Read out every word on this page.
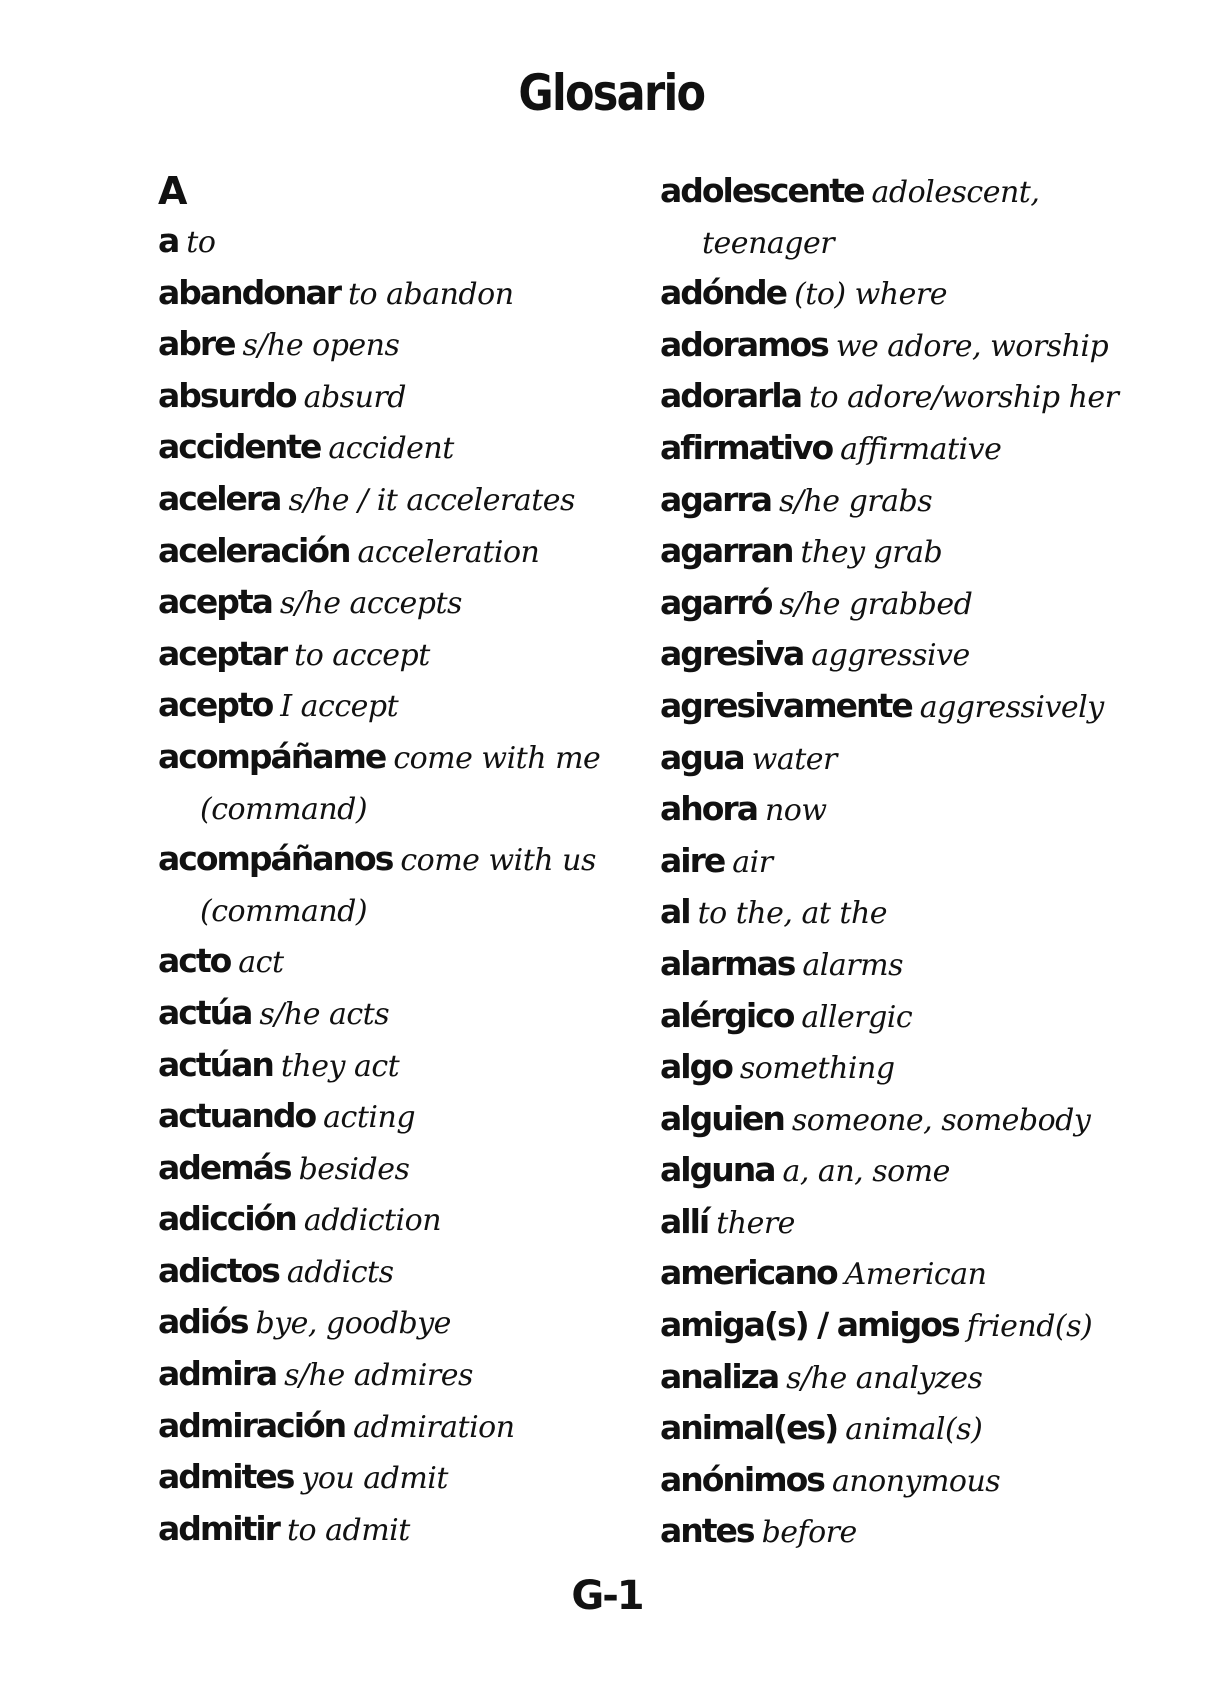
Glosario
A
a to
abandonar to abandon
abre s/he opens
absurdo absurd
accidente accident
acelera s/he / it accelerates
aceleración acceleration
acepta s/he accepts
aceptar to accept
acepto I accept
acompáñame come with me (command)
acompáñanos come with us (command)
acto act
actúa s/he acts
actúan they act
actuando acting
además besides
adicción addiction
adictos addicts
adiós bye, goodbye
admira s/he admires
admiración admiration
admites you admit
admitir to admit
adolescente adolescent, teenager
adónde (to) where
adoramos we adore, worship
adorarla to adore/worship her
afirmativo affirmative
agarra s/he grabs
agarran they grab
agarró s/he grabbed
agresiva aggressive
agresivamente aggressively
agua water
ahora now
aire air
al to the, at the
alarmas alarms
alérgico allergic
algo something
alguien someone, somebody
alguna a, an, some
allí there
americano American
amiga(s) / amigos friend(s)
analiza s/he analyzes
animal(es) animal(s)
anónimos anonymous
antes before
G-1
